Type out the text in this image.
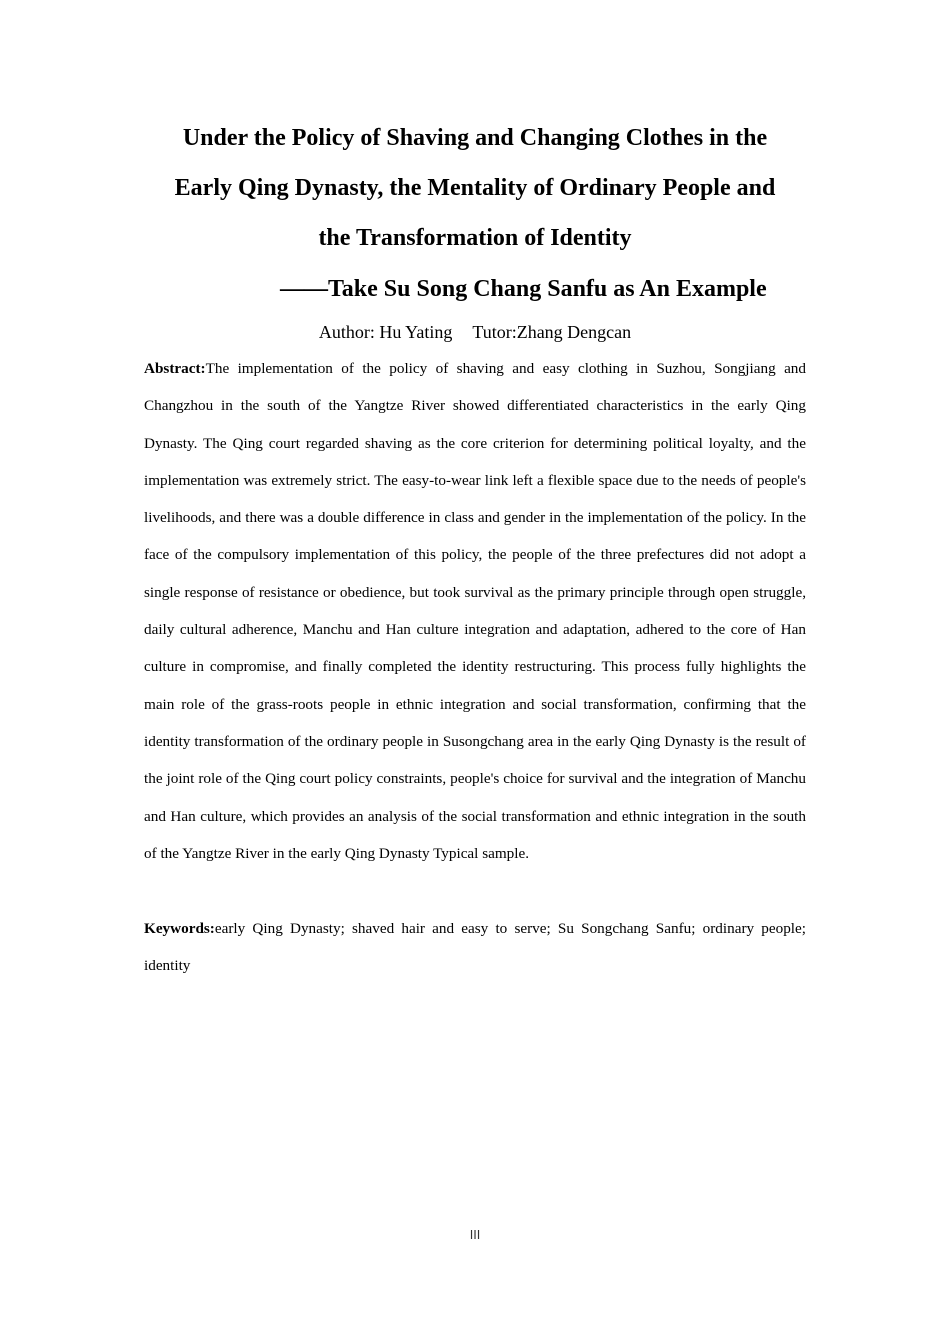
Under the Policy of Shaving and Changing Clothes in the
Early Qing Dynasty, the Mentality of Ordinary People and
the Transformation of Identity
——Take Su Song Chang Sanfu as An Example
Author: Hu Yating Tutor:Zhang Dengcan

Abstract:The implementation of the policy of shaving and easy clothing in Suzhou, Songjiang and Changzhou in the south of the Yangtze River showed differentiated characteristics in the early Qing Dynasty. The Qing court regarded shaving as the core criterion for determining political loyalty, and the implementation was extremely strict. The easy-to-wear link left a flexible space due to the needs of people's livelihoods, and there was a double difference in class and gender in the implementation of the policy. In the face of the compulsory implementation of this policy, the people of the three prefectures did not adopt a single response of resistance or obedience, but took survival as the primary principle through open struggle, daily cultural adherence, Manchu and Han culture integration and adaptation, adhered to the core of Han culture in compromise, and finally completed the identity restructuring. This process fully highlights the main role of the grass-roots people in ethnic integration and social transformation, confirming that the identity transformation of the ordinary people in Susongchang area in the early Qing Dynasty is the result of the joint role of the Qing court policy constraints, people's choice for survival and the integration of Manchu and Han culture, which provides an analysis of the social transformation and ethnic integration in the south of the Yangtze River in the early Qing Dynasty Typical sample.

Keywords:early Qing Dynasty; shaved hair and easy to serve; Su Songchang Sanfu; ordinary people; identity

III
